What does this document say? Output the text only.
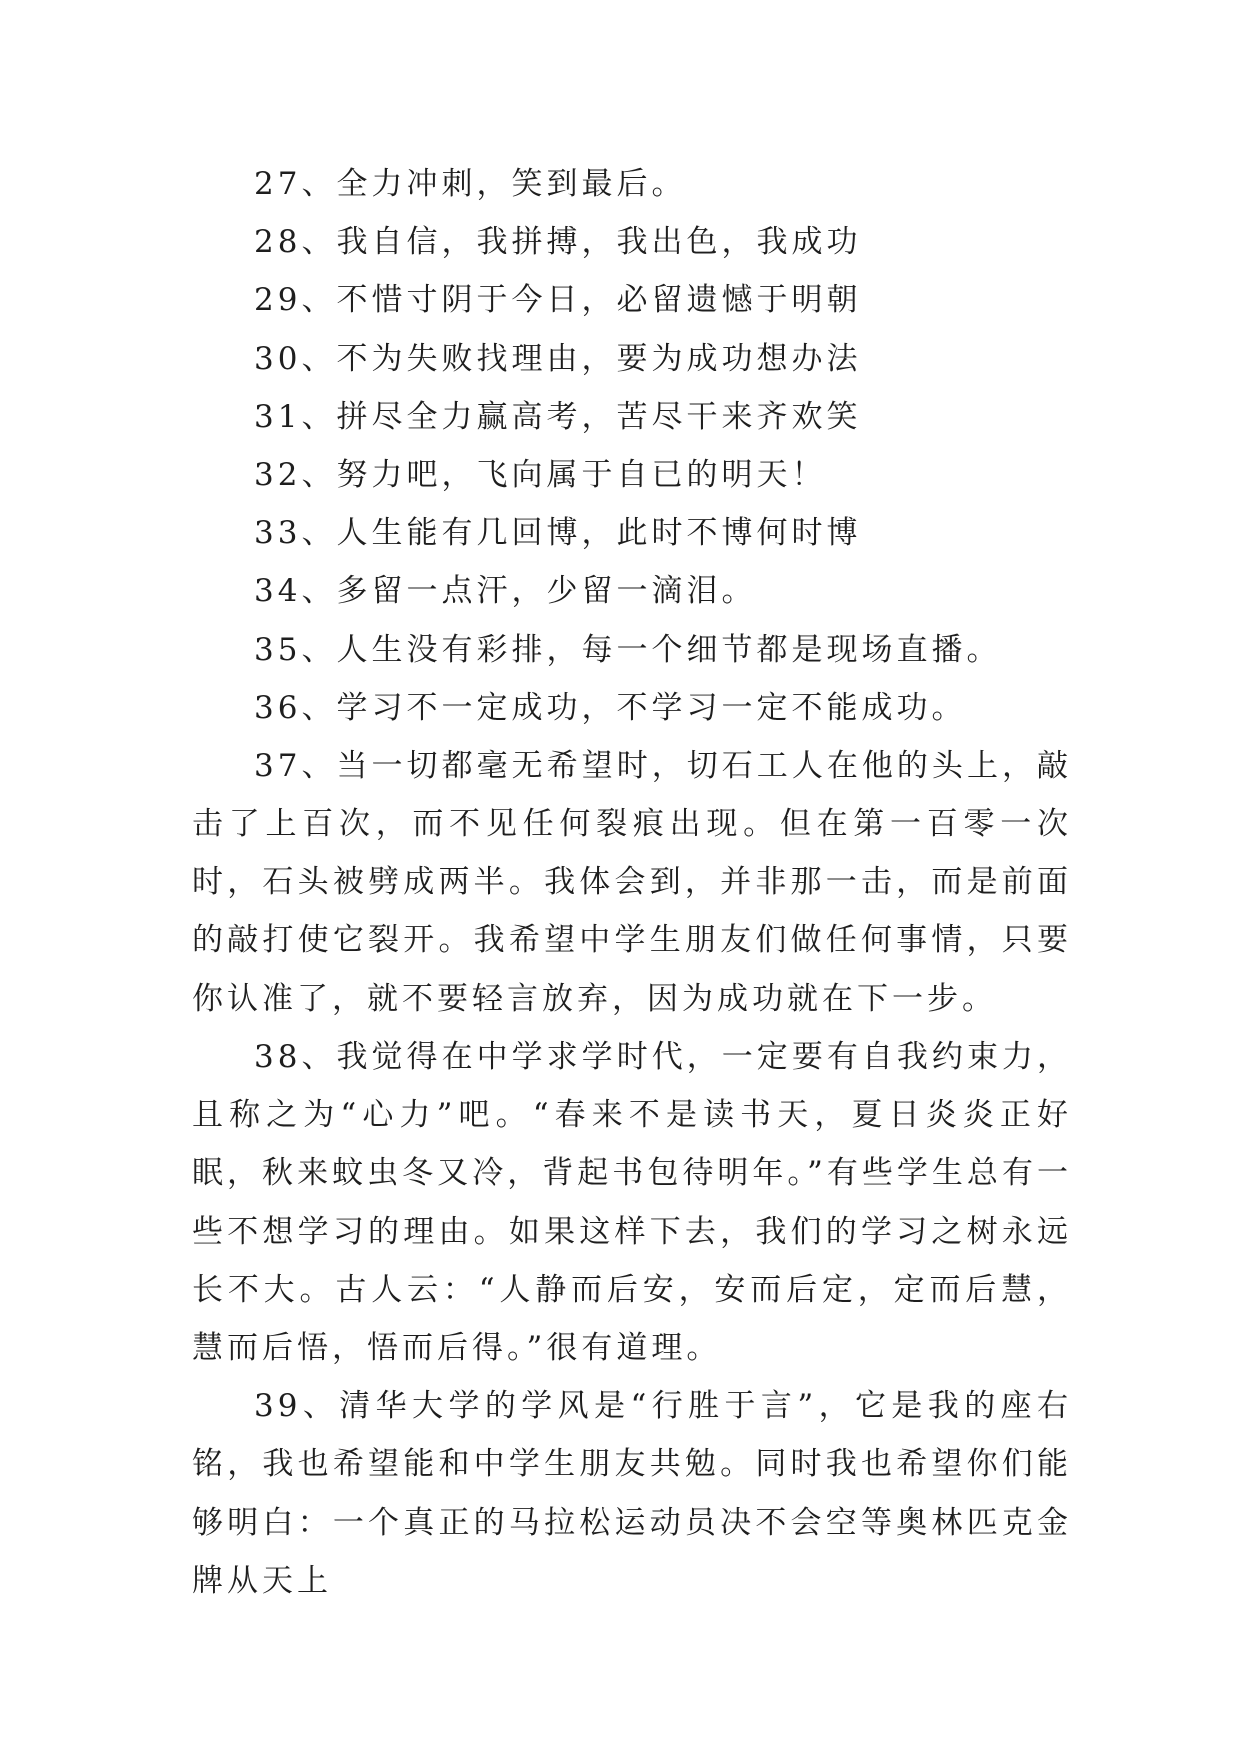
27、全力冲刺，笑到最后。

28、我自信，我拼搏，我出色，我成功

29、不惜寸阴于今日，必留遗憾于明朝

30、不为失败找理由，要为成功想办法

31、拼尽全力赢高考，苦尽干来齐欢笑

32、努力吧，飞向属于自已的明天！

33、人生能有几回博，此时不博何时博

34、多留一点汗，少留一滴泪。

35、人生没有彩排，每一个细节都是现场直播。

36、学习不一定成功，不学习一定不能成功。

37、当一切都毫无希望时，切石工人在他的头上，敲击了上百次，而不见任何裂痕出现。但在第一百零一次时，石头被劈成两半。我体会到，并非那一击，而是前面的敲打使它裂开。我希望中学生朋友们做任何事情，只要你认准了，就不要轻言放弃，因为成功就在下一步。

38、我觉得在中学求学时代，一定要有自我约束力，且称之为“心力”吧。“春来不是读书天，夏日炎炎正好眠，秋来蚊虫冬又冷，背起书包待明年。”有些学生总有一些不想学习的理由。如果这样下去，我们的学习之树永远长不大。古人云：“人静而后安，安而后定，定而后慧，慧而后悟，悟而后得。”很有道理。

39、清华大学的学风是“行胜于言”，它是我的座右铭，我也希望能和中学生朋友共勉。同时我也希望你们能够明白：一个真正的马拉松运动员决不会空等奥林匹克金牌从天上
